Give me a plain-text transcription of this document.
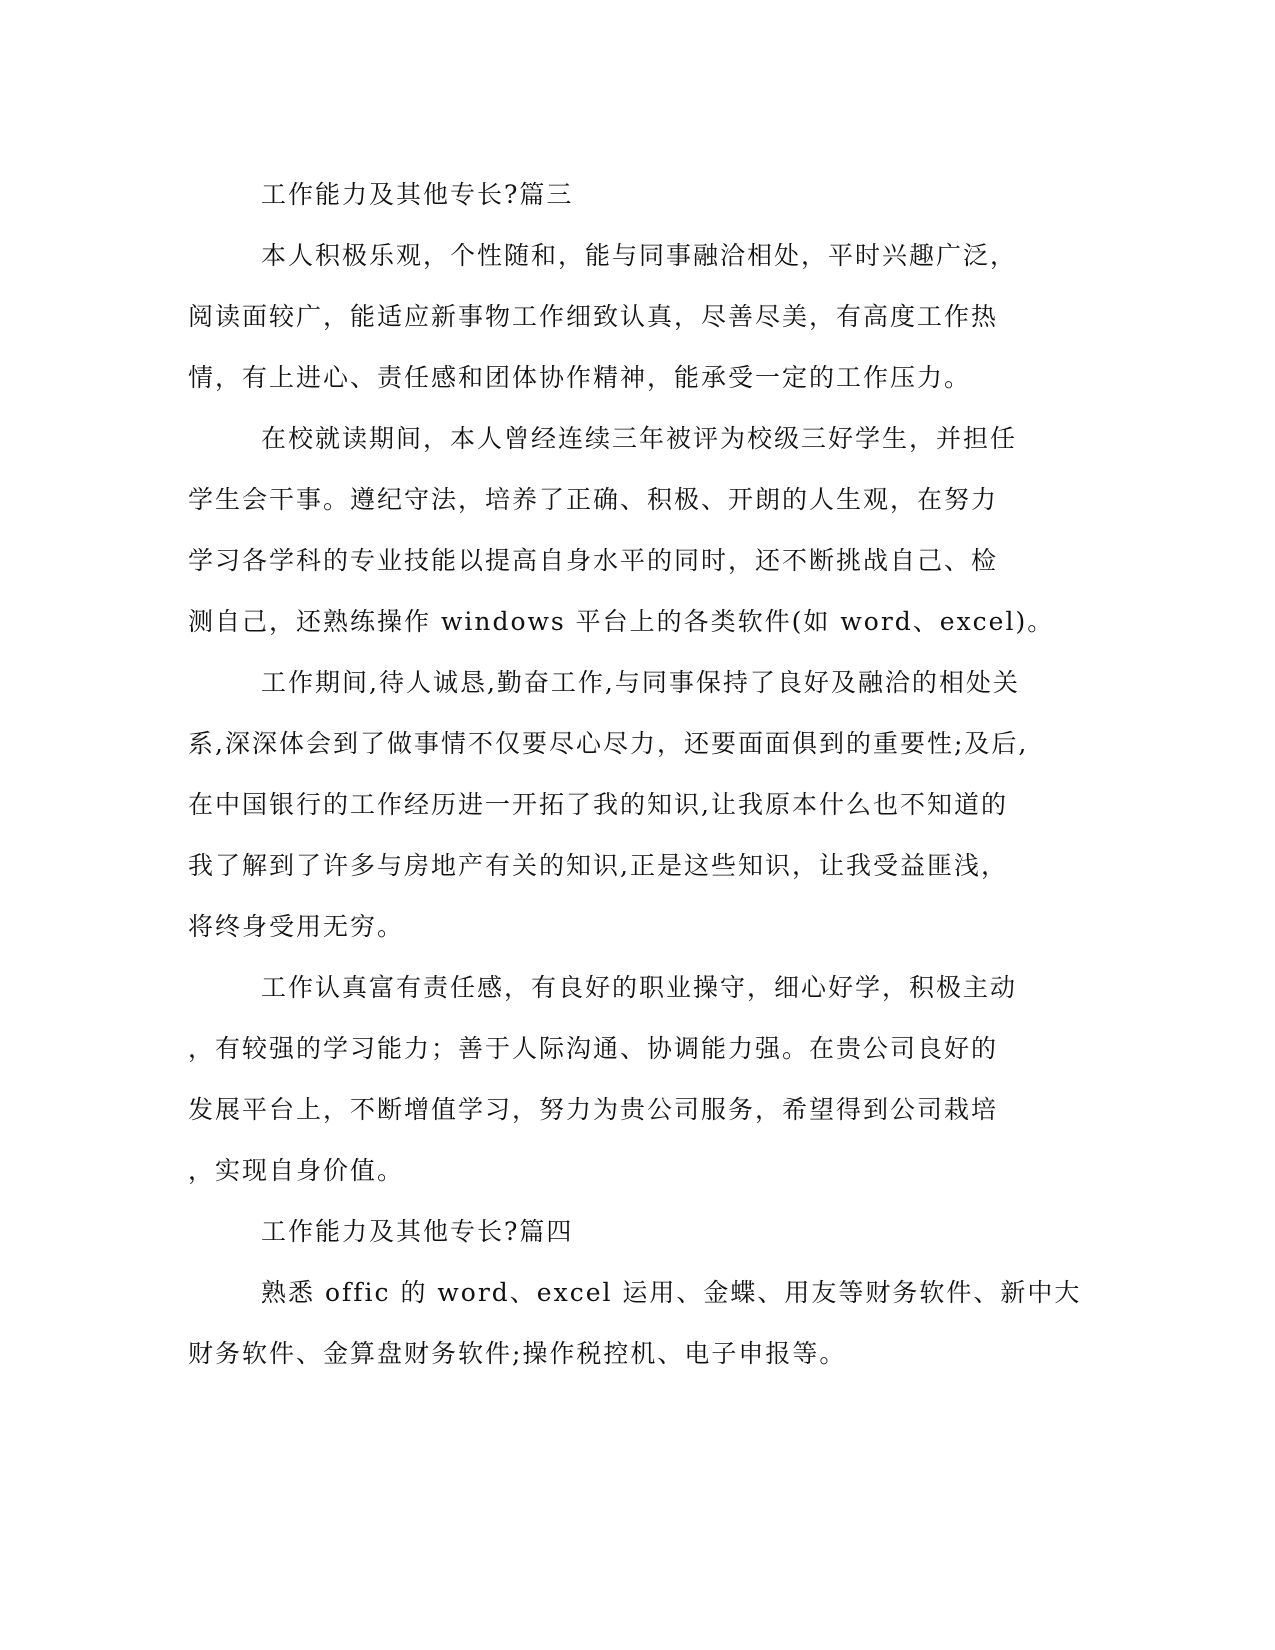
工作能力及其他专长?篇三

本人积极乐观，个性随和，能与同事融洽相处，平时兴趣广泛，
阅读面较广，能适应新事物工作细致认真，尽善尽美，有高度工作热
情，有上进心、责任感和团体协作精神，能承受一定的工作压力。

在校就读期间，本人曾经连续三年被评为校级三好学生，并担任
学生会干事。遵纪守法，培养了正确、积极、开朗的人生观，在努力
学习各学科的专业技能以提高自身水平的同时，还不断挑战自己、检
测自己，还熟练操作 windows 平台上的各类软件(如 word、excel)。

工作期间,待人诚恳,勤奋工作,与同事保持了良好及融洽的相处关
系,深深体会到了做事情不仅要尽心尽力，还要面面俱到的重要性;及后,
在中国银行的工作经历进一开拓了我的知识,让我原本什么也不知道的
我了解到了许多与房地产有关的知识,正是这些知识，让我受益匪浅，
将终身受用无穷。

工作认真富有责任感，有良好的职业操守，细心好学，积极主动
，有较强的学习能力；善于人际沟通、协调能力强。在贵公司良好的
发展平台上，不断增值学习，努力为贵公司服务，希望得到公司栽培
，实现自身价值。

工作能力及其他专长?篇四

熟悉 offic 的 word、excel 运用、金蝶、用友等财务软件、新中大
财务软件、金算盘财务软件;操作税控机、电子申报等。
